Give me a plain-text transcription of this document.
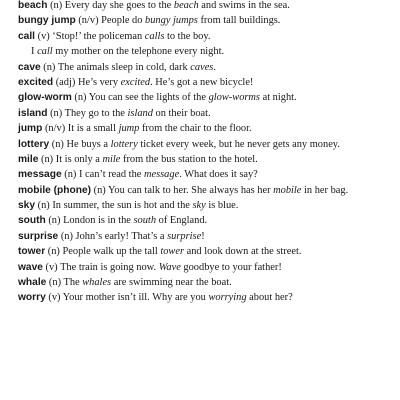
beach (n) Every day she goes to the beach and swims in the sea.

bungy jump (n/v) People do bungy jumps from tall buildings.

call (v) ‘Stop!’ the policeman calls to the boy.

I call my mother on the telephone every night.

cave (n) The animals sleep in cold, dark caves.

excited (adj) He’s very excited. He’s got a new bicycle!

glow-worm (n) You can see the lights of the glow-worms at night.

island (n) They go to the island on their boat.

jump (n/v) It is a small jump from the chair to the floor.

lottery (n) He buys a lottery ticket every week, but he never gets any money.

mile (n) It is only a mile from the bus station to the hotel.

message (n) I can’t read the message. What does it say?

mobile (phone) (n) You can talk to her. She always has her mobile in her bag.

sky (n) In summer, the sun is hot and the sky is blue.

south (n) London is in the south of England.

surprise (n) John’s early! That’s a surprise!

tower (n) People walk up the tall tower and look down at the street.

wave (v) The train is going now. Wave goodbye to your father!

whale (n) The whales are swimming near the boat.

worry (v) Your mother isn’t ill. Why are you worrying about her?
